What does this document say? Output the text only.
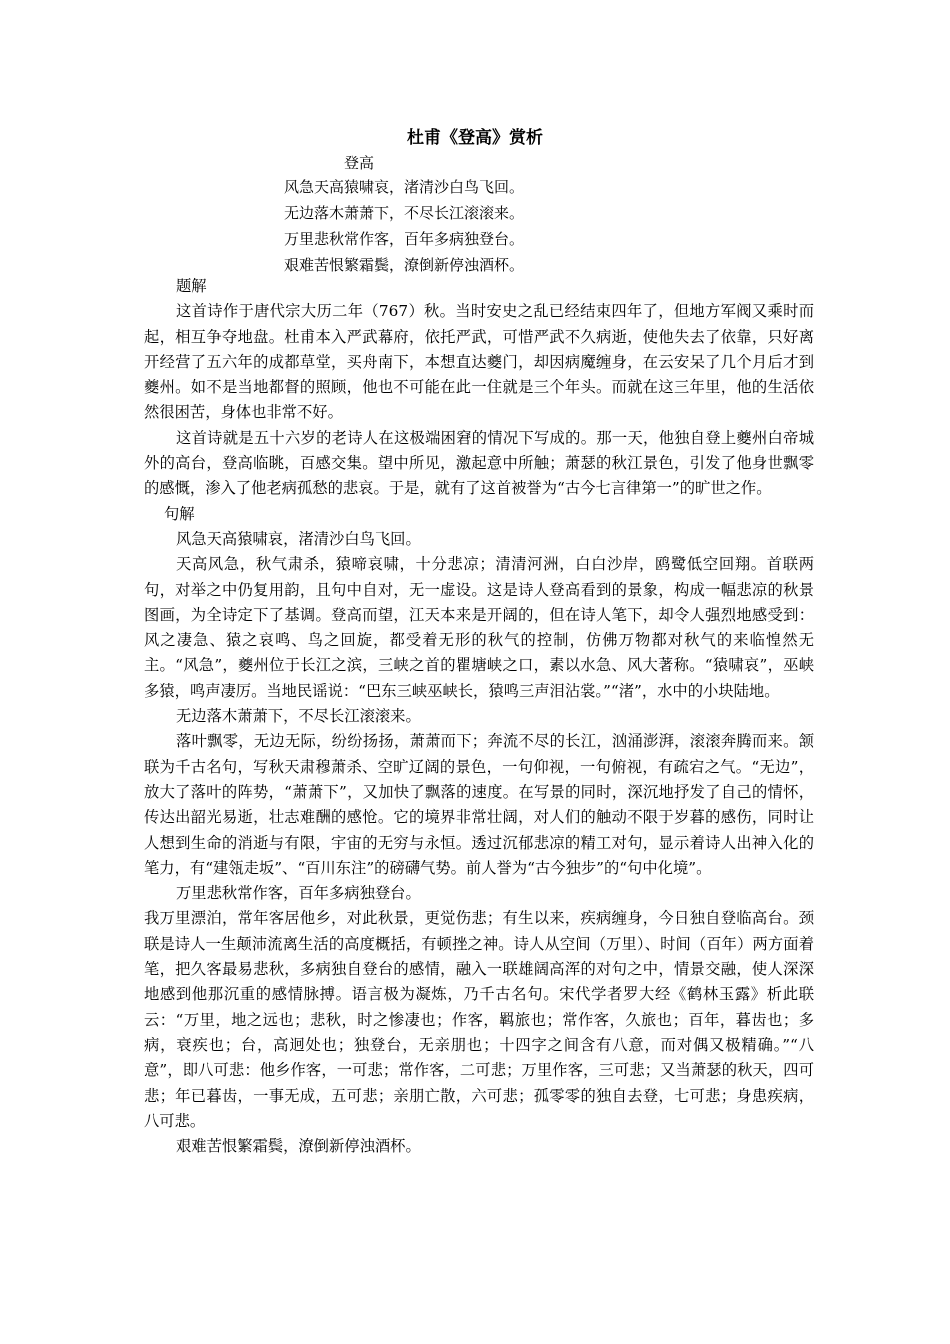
杜甫《登高》赏析
登高
风急天高猿啸哀，渚清沙白鸟飞回。
无边落木萧萧下，不尽长江滚滚来。
万里悲秋常作客，百年多病独登台。
艰难苦恨繁霜鬓，潦倒新停浊酒杯。

题解

这首诗作于唐代宗大历二年（767）秋。当时安史之乱已经结束四年了，但地方军阀又乘时而起，相互争夺地盘。杜甫本入严武幕府，依托严武，可惜严武不久病逝，使他失去了依靠，只好离开经营了五六年的成都草堂，买舟南下，本想直达夔门，却因病魔缠身，在云安呆了几个月后才到夔州。如不是当地都督的照顾，他也不可能在此一住就是三个年头。而就在这三年里，他的生活依然很困苦，身体也非常不好。

这首诗就是五十六岁的老诗人在这极端困窘的情况下写成的。那一天，他独自登上夔州白帝城外的高台，登高临眺，百感交集。望中所见，激起意中所触；萧瑟的秋江景色，引发了他身世飘零的感慨，渗入了他老病孤愁的悲哀。于是，就有了这首被誉为“古今七言律第一”的旷世之作。

句解

风急天高猿啸哀，渚清沙白鸟飞回。

天高风急，秋气肃杀，猿啼哀啸，十分悲凉；清清河洲，白白沙岸，鸥鹭低空回翔。首联两句，对举之中仍复用韵，且句中自对，无一虚设。这是诗人登高看到的景象，构成一幅悲凉的秋景图画，为全诗定下了基调。登高而望，江天本来是开阔的，但在诗人笔下，却令人强烈地感受到：风之凄急、猿之哀鸣、鸟之回旋，都受着无形的秋气的控制，仿佛万物都对秋气的来临惶然无主。“风急”，夔州位于长江之滨，三峡之首的瞿塘峡之口，素以水急、风大著称。“猿啸哀”，巫峡多猿，鸣声凄厉。当地民谣说：“巴东三峡巫峡长，猿鸣三声泪沾裳。”“渚”，水中的小块陆地。

无边落木萧萧下，不尽长江滚滚来。

落叶飘零，无边无际，纷纷扬扬，萧萧而下；奔流不尽的长江，汹涌澎湃，滚滚奔腾而来。颔联为千古名句，写秋天肃穆萧杀、空旷辽阔的景色，一句仰视，一句俯视，有疏宕之气。“无边”，放大了落叶的阵势，“萧萧下”，又加快了飘落的速度。在写景的同时，深沉地抒发了自己的情怀，传达出韶光易逝，壮志难酬的感怆。它的境界非常壮阔，对人们的触动不限于岁暮的感伤，同时让人想到生命的消逝与有限，宇宙的无穷与永恒。透过沉郁悲凉的精工对句，显示着诗人出神入化的笔力，有“建瓴走坂”、“百川东注”的磅礴气势。前人誉为“古今独步”的“句中化境”。

万里悲秋常作客，百年多病独登台。

我万里漂泊，常年客居他乡，对此秋景，更觉伤悲；有生以来，疾病缠身，今日独自登临高台。颈联是诗人一生颠沛流离生活的高度概括，有顿挫之神。诗人从空间（万里）、时间（百年）两方面着笔，把久客最易悲秋，多病独自登台的感情，融入一联雄阔高浑的对句之中，情景交融，使人深深地感到他那沉重的感情脉搏。语言极为凝炼，乃千古名句。宋代学者罗大经《鹤林玉露》析此联云：“万里，地之远也；悲秋，时之惨凄也；作客，羁旅也；常作客，久旅也；百年，暮齿也；多病，衰疾也；台，高迥处也；独登台，无亲朋也；十四字之间含有八意，而对偶又极精确。”“八意”，即八可悲：他乡作客，一可悲；常作客，二可悲；万里作客，三可悲；又当萧瑟的秋天，四可悲；年已暮齿，一事无成，五可悲；亲朋亡散，六可悲；孤零零的独自去登，七可悲；身患疾病，八可悲。

艰难苦恨繁霜鬓，潦倒新停浊酒杯。
